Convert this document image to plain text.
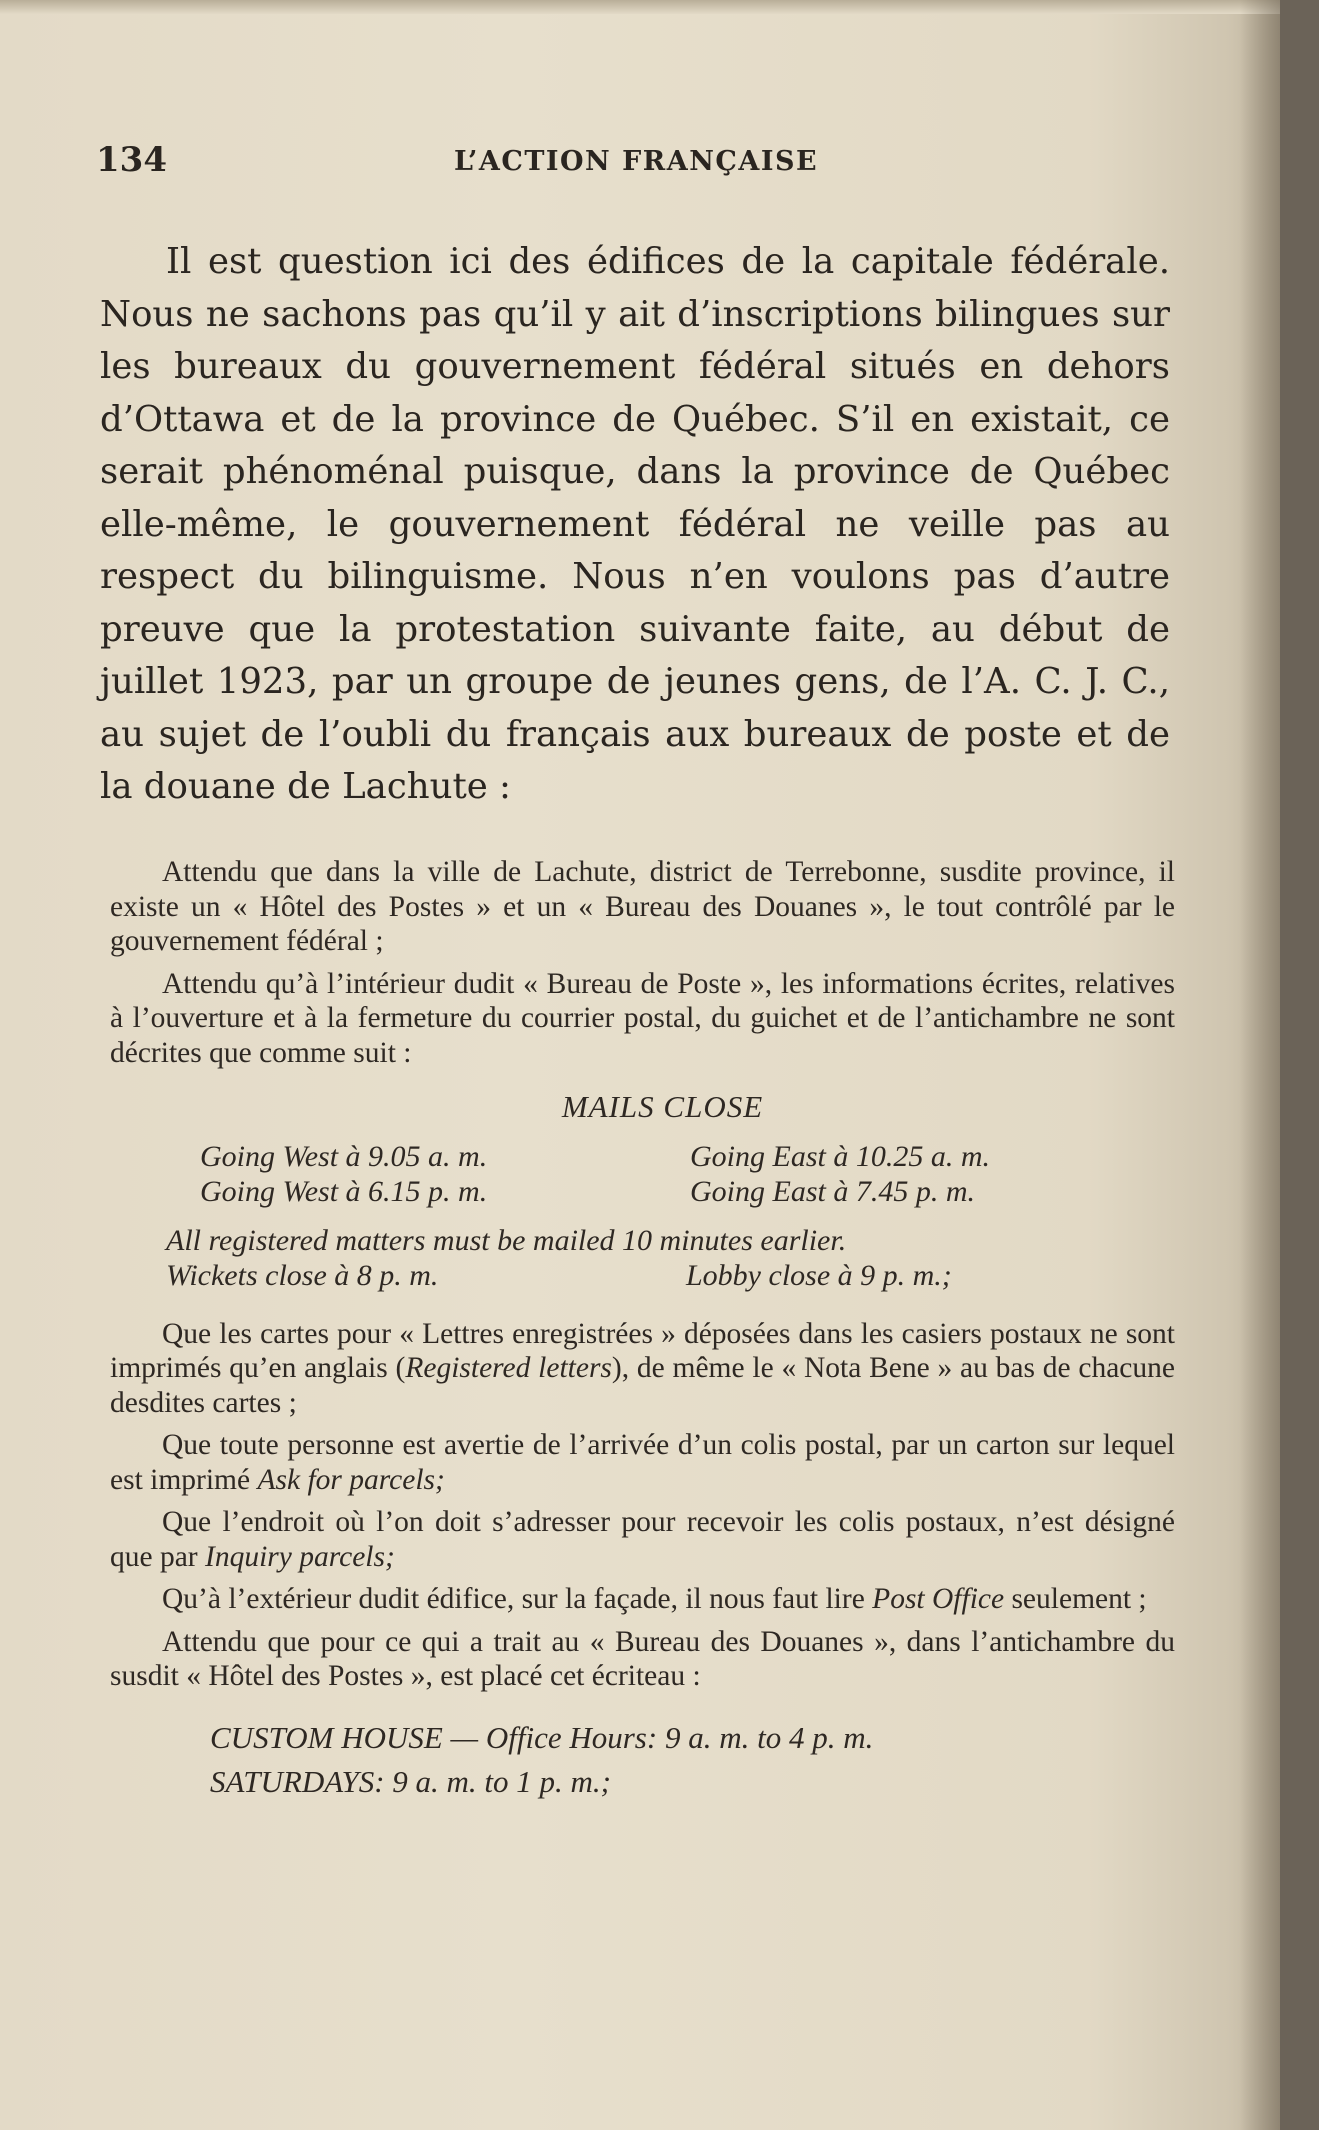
134	L’ACTION FRANÇAISE

Il est question ici des édifices de la capitale fédérale. Nous ne sachons pas qu’il y ait d’inscriptions bilingues sur les bureaux du gouvernement fédéral situés en dehors d’Ottawa et de la province de Québec. S’il en existait, ce serait phénoménal puisque, dans la province de Québec elle-même, le gouvernement fédéral ne veille pas au respect du bilinguisme. Nous n’en voulons pas d’autre preuve que la protestation suivante faite, au début de juillet 1923, par un groupe de jeunes gens, de l’A. C. J. C., au sujet de l’oubli du français aux bureaux de poste et de la douane de Lachute :

Attendu que dans la ville de Lachute, district de Terrebonne, susdite province, il existe un « Hôtel des Postes » et un « Bureau des Douanes », le tout contrôlé par le gouvernement fédéral ;

Attendu qu’à l’intérieur dudit « Bureau de Poste », les informations écrites, relatives à l’ouverture et à la fermeture du courrier postal, du guichet et de l’antichambre ne sont décrites que comme suit :

MAILS CLOSE
Going West à 9.05 a. m.	Going East à 10.25 a. m.
Going West à 6.15 p. m.	Going East à 7.45 p. m.
All registered matters must be mailed 10 minutes earlier.
Wickets close à 8 p. m.	Lobby close à 9 p. m.;

Que les cartes pour « Lettres enregistrées » déposées dans les casiers postaux ne sont imprimés qu’en anglais (Registered letters), de même le « Nota Bene » au bas de chacune desdites cartes ;

Que toute personne est avertie de l’arrivée d’un colis postal, par un carton sur lequel est imprimé Ask for parcels;

Que l’endroit où l’on doit s’adresser pour recevoir les colis postaux, n’est désigné que par Inquiry parcels;

Qu’à l’extérieur dudit édifice, sur la façade, il nous faut lire Post Office seulement ;

Attendu que pour ce qui a trait au « Bureau des Douanes », dans l’antichambre du susdit « Hôtel des Postes », est placé cet écriteau :

CUSTOM HOUSE — Office Hours: 9 a. m. to 4 p. m.
SATURDAYS: 9 a. m. to 1 p. m.;
